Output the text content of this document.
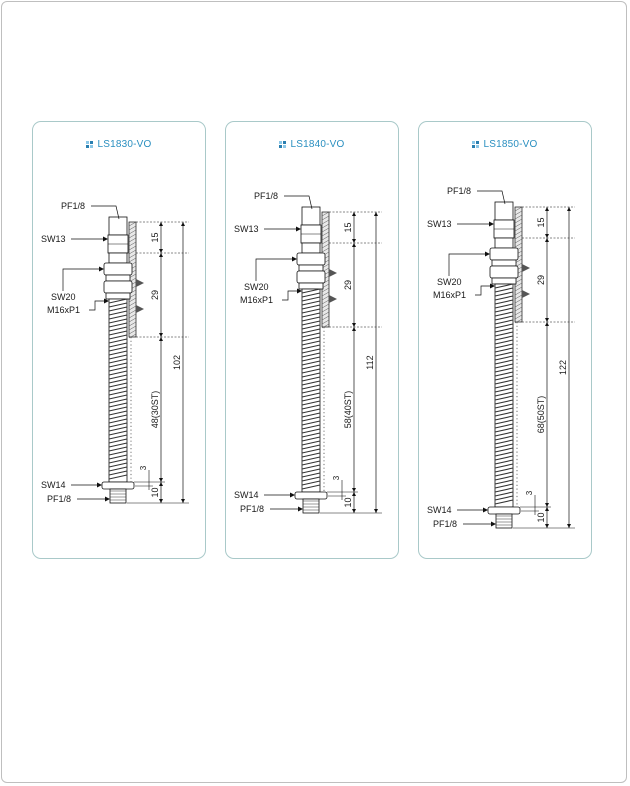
LS1830-VO
PF1/8
SW13
SW20
M16xP1
SW14
PF1/8
15
29
48(30ST)
102
3
10
LS1840-VO
PF1/8
SW13
SW20
M16xP1
SW14
PF1/8
15
29
58(40ST)
112
3
10
LS1850-VO
PF1/8
SW13
SW20
M16xP1
SW14
PF1/8
15
29
68(50ST)
122
3
10
